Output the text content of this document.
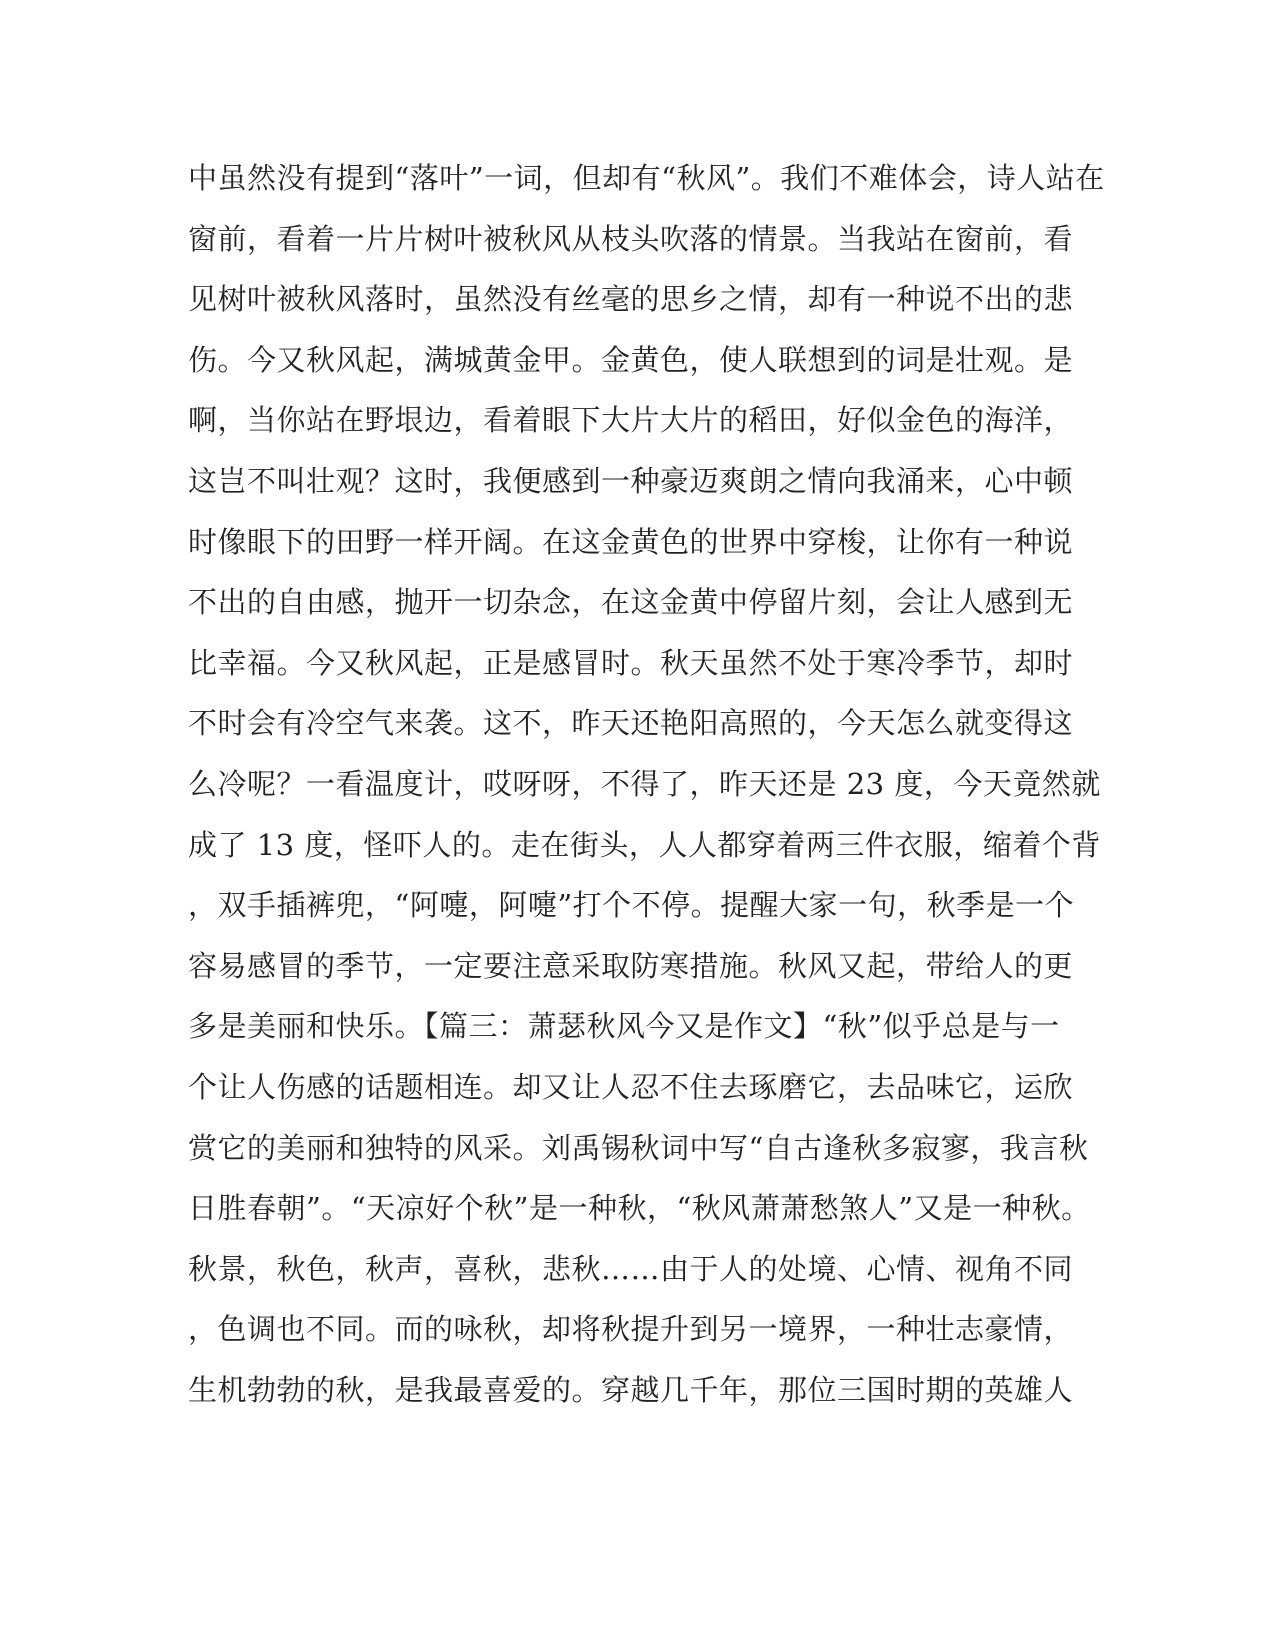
中虽然没有提到“落叶”一词，但却有“秋风”。我们不难体会，诗人站在
窗前，看着一片片树叶被秋风从枝头吹落的情景。当我站在窗前，看
见树叶被秋风落时，虽然没有丝毫的思乡之情，却有一种说不出的悲
伤。今又秋风起，满城黄金甲。金黄色，使人联想到的词是壮观。是
啊，当你站在野垠边，看着眼下大片大片的稻田，好似金色的海洋，
这岂不叫壮观？这时，我便感到一种豪迈爽朗之情向我涌来，心中顿
时像眼下的田野一样开阔。在这金黄色的世界中穿梭，让你有一种说
不出的自由感，抛开一切杂念，在这金黄中停留片刻，会让人感到无
比幸福。今又秋风起，正是感冒时。秋天虽然不处于寒冷季节，却时
不时会有冷空气来袭。这不，昨天还艳阳高照的，今天怎么就变得这
么冷呢？一看温度计，哎呀呀，不得了，昨天还是 23 度，今天竟然就
成了 13 度，怪吓人的。走在街头，人人都穿着两三件衣服，缩着个背
，双手插裤兜，“阿嚏，阿嚏”打个不停。提醒大家一句，秋季是一个
容易感冒的季节，一定要注意采取防寒措施。秋风又起，带给人的更
多是美丽和快乐。【篇三：萧瑟秋风今又是作文】“秋”似乎总是与一
个让人伤感的话题相连。却又让人忍不住去琢磨它，去品味它，运欣
赏它的美丽和独特的风采。刘禹锡秋词中写“自古逢秋多寂寥，我言秋
日胜春朝”。“天凉好个秋”是一种秋，“秋风萧萧愁煞人”又是一种秋。
秋景，秋色，秋声，喜秋，悲秋……由于人的处境、心情、视角不同
，色调也不同。而的咏秋，却将秋提升到另一境界，一种壮志豪情，
生机勃勃的秋，是我最喜爱的。穿越几千年，那位三国时期的英雄人
